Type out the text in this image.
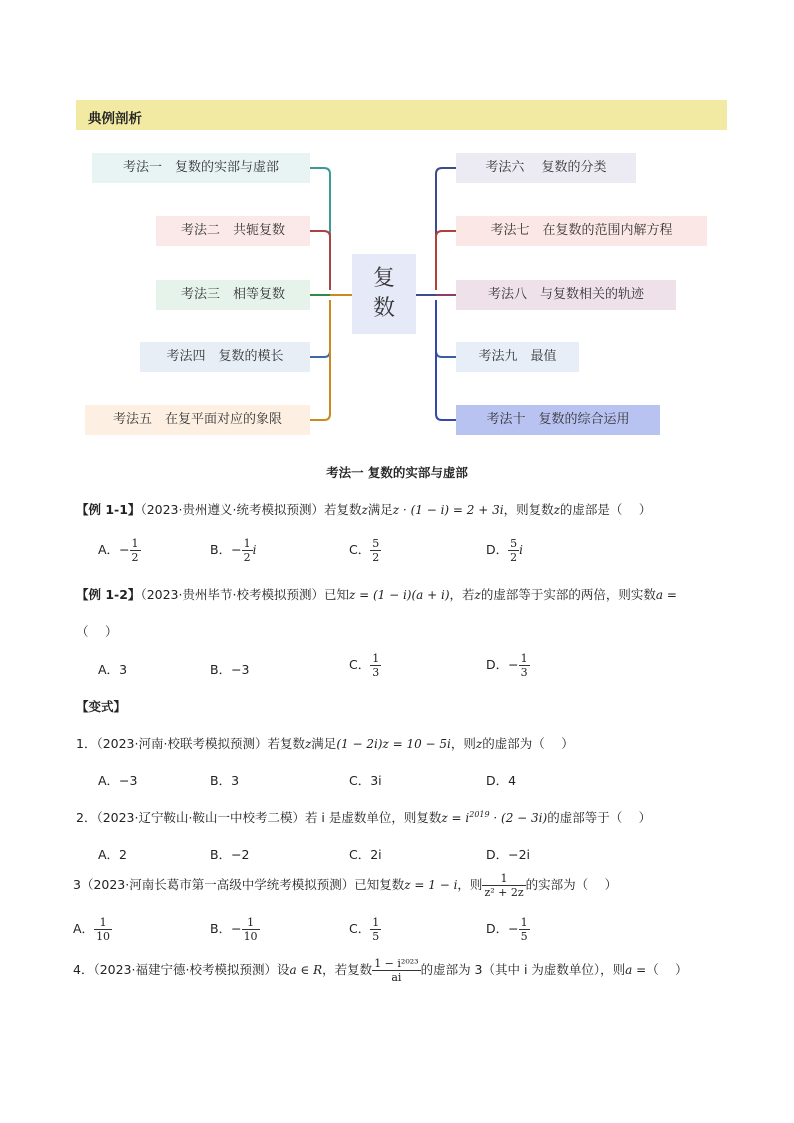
典例剖析
考法一　复数的实部与虚部
考法二　共轭复数
考法三　相等复数
考法四　复数的模长
考法五　在复平面对应的象限
复
数
考法六　 复数的分类
考法七　在复数的范围内解方程
考法八　与复数相关的轨迹
考法九　最值
考法十　复数的综合运用
考法一 复数的实部与虚部
【例 1-1】（2023·贵州遵义·统考模拟预测）若复数z满足z · (1 − i) = 2 + 3i，则复数z的虚部是（　 ）
A．− $\frac{1}{2}$	B．− $\frac{1}{2}$ i	C． $\frac{5}{2}$	D． $\frac{5}{2}$ i
【例 1-2】（2023·贵州毕节·校考模拟预测）已知z = (1 − i)(a + i)，若z的虚部等于实部的两倍，则实数a =
（　 ）
A．3	B．−3	C． $\frac{1}{3}$	D．− $\frac{1}{3}$
【变式】
1．（2023·河南·校联考模拟预测）若复数z满足(1 − 2i)z = 10 − 5i，则z的虚部为（　 ）
A．−3	B．3	C．3i	D．4
2．（2023·辽宁鞍山·鞍山一中校考二模）若 i 是虚数单位，则复数$z = i^{2019} \cdot (2 - 3i)$的虚部等于（　 ）
A．2	B．−2	C．2i	D．−2i
3（2023·河南长葛市第一高级中学统考模拟预测）已知复数z = 1 − i，则 $\frac{1}{\text{z² + 2z}}$ 的实部为（　 ）
A． $\frac{1}{10}$	B．− $\frac{1}{10}$	C． $\frac{1}{5}$	D．− $\frac{1}{5}$
4．（2023·福建宁德·校考模拟预测）设a ∈ R，若复数 $\frac{\text{1 − i²⁰²³}}{ai}$ 的虚部为 3（其中 i 为虚数单位），则a =（　 ）
